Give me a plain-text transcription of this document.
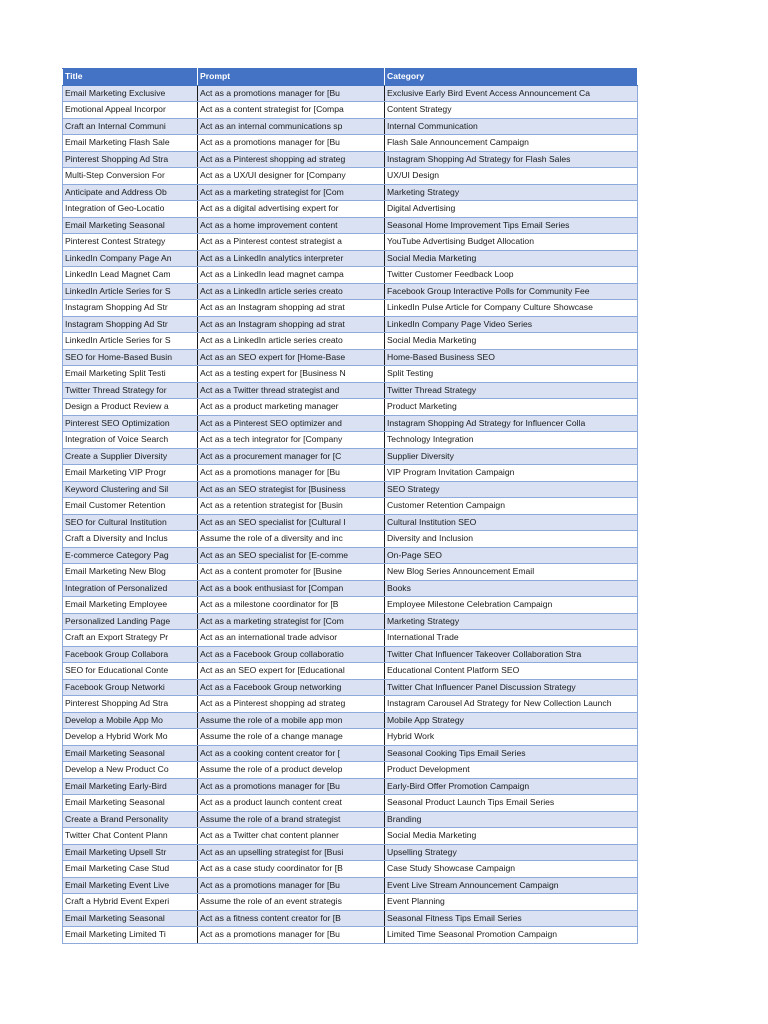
Title	Prompt	Category
Email Marketing Exclusive	Act as a promotions manager for [Bu	Exclusive Early Bird Event Access Announcement Ca
Emotional Appeal Incorpor	Act as a content strategist for [Compa	Content Strategy
Craft an Internal Communi	Act as an internal communications sp	Internal Communication
Email Marketing Flash Sale	Act as a promotions manager for [Bu	Flash Sale Announcement Campaign
Pinterest Shopping Ad Stra	Act as a Pinterest shopping ad strateg	Instagram Shopping Ad Strategy for Flash Sales
Multi-Step Conversion For	Act as a UX/UI designer for [Company	UX/UI Design
Anticipate and Address Ob	Act as a marketing strategist for [Com	Marketing Strategy
Integration of Geo-Locatio	Act as a digital advertising expert for	Digital Advertising
Email Marketing Seasonal	Act as a home improvement content	Seasonal Home Improvement Tips Email Series
Pinterest Contest Strategy	Act as a Pinterest contest strategist a	YouTube Advertising Budget Allocation
LinkedIn Company Page An	Act as a LinkedIn analytics interpreter	Social Media Marketing
LinkedIn Lead Magnet Cam	Act as a LinkedIn lead magnet campa	Twitter Customer Feedback Loop
LinkedIn Article Series for S	Act as a LinkedIn article series creato	Facebook Group Interactive Polls for Community Fee
Instagram Shopping Ad Str	Act as an Instagram shopping ad strat	LinkedIn Pulse Article for Company Culture Showcase
Instagram Shopping Ad Str	Act as an Instagram shopping ad strat	LinkedIn Company Page Video Series
LinkedIn Article Series for S	Act as a LinkedIn article series creato	Social Media Marketing
SEO for Home-Based Busin	Act as an SEO expert for [Home-Base	Home-Based Business SEO
Email Marketing Split Testi	Act as a testing expert for [Business N	Split Testing
Twitter Thread Strategy for	Act as a Twitter thread strategist and	Twitter Thread Strategy
Design a Product Review a	Act as a product marketing manager	Product Marketing
Pinterest SEO Optimization	Act as a Pinterest SEO optimizer and	Instagram Shopping Ad Strategy for Influencer Colla
Integration of Voice Search	Act as a tech integrator for [Company	Technology Integration
Create a Supplier Diversity	Act as a procurement manager for [C	Supplier Diversity
Email Marketing VIP Progr	Act as a promotions manager for [Bu	VIP Program Invitation Campaign
Keyword Clustering and Sil	Act as an SEO strategist for [Business	SEO Strategy
Email Customer Retention	Act as a retention strategist for [Busin	Customer Retention Campaign
SEO for Cultural Institution	Act as an SEO specialist for [Cultural I	Cultural Institution SEO
Craft a Diversity and Inclus	Assume the role of a diversity and inc	Diversity and Inclusion
E-commerce Category Pag	Act as an SEO specialist for [E-comme	On-Page SEO
Email Marketing New Blog	Act as a content promoter for [Busine	New Blog Series Announcement Email
Integration of Personalized	Act as a book enthusiast for [Compan	Books
Email Marketing Employee	Act as a milestone coordinator for [B	Employee Milestone Celebration Campaign
Personalized Landing Page	Act as a marketing strategist for [Com	Marketing Strategy
Craft an Export Strategy Pr	Act as an international trade advisor	International Trade
Facebook Group Collabora	Act as a Facebook Group collaboratio	Twitter Chat Influencer Takeover Collaboration Stra
SEO for Educational Conte	Act as an SEO expert for [Educational	Educational Content Platform SEO
Facebook Group Networki	Act as a Facebook Group networking	Twitter Chat Influencer Panel Discussion Strategy
Pinterest Shopping Ad Stra	Act as a Pinterest shopping ad strateg	Instagram Carousel Ad Strategy for New Collection Launch
Develop a Mobile App Mo	Assume the role of a mobile app mon	Mobile App Strategy
Develop a Hybrid Work Mo	Assume the role of a change manage	Hybrid Work
Email Marketing Seasonal	Act as a cooking content creator for [	Seasonal Cooking Tips Email Series
Develop a New Product Co	Assume the role of a product develop	Product Development
Email Marketing Early-Bird	Act as a promotions manager for [Bu	Early-Bird Offer Promotion Campaign
Email Marketing Seasonal	Act as a product launch content creat	Seasonal Product Launch Tips Email Series
Create a Brand Personality	Assume the role of a brand strategist	Branding
Twitter Chat Content Plann	Act as a Twitter chat content planner	Social Media Marketing
Email Marketing Upsell Str	Act as an upselling strategist for [Busi	Upselling Strategy
Email Marketing Case Stud	Act as a case study coordinator for [B	Case Study Showcase Campaign
Email Marketing Event Live	Act as a promotions manager for [Bu	Event Live Stream Announcement Campaign
Craft a Hybrid Event Experi	Assume the role of an event strategis	Event Planning
Email Marketing Seasonal	Act as a fitness content creator for [B	Seasonal Fitness Tips Email Series
Email Marketing Limited Ti	Act as a promotions manager for [Bu	Limited Time Seasonal Promotion Campaign
